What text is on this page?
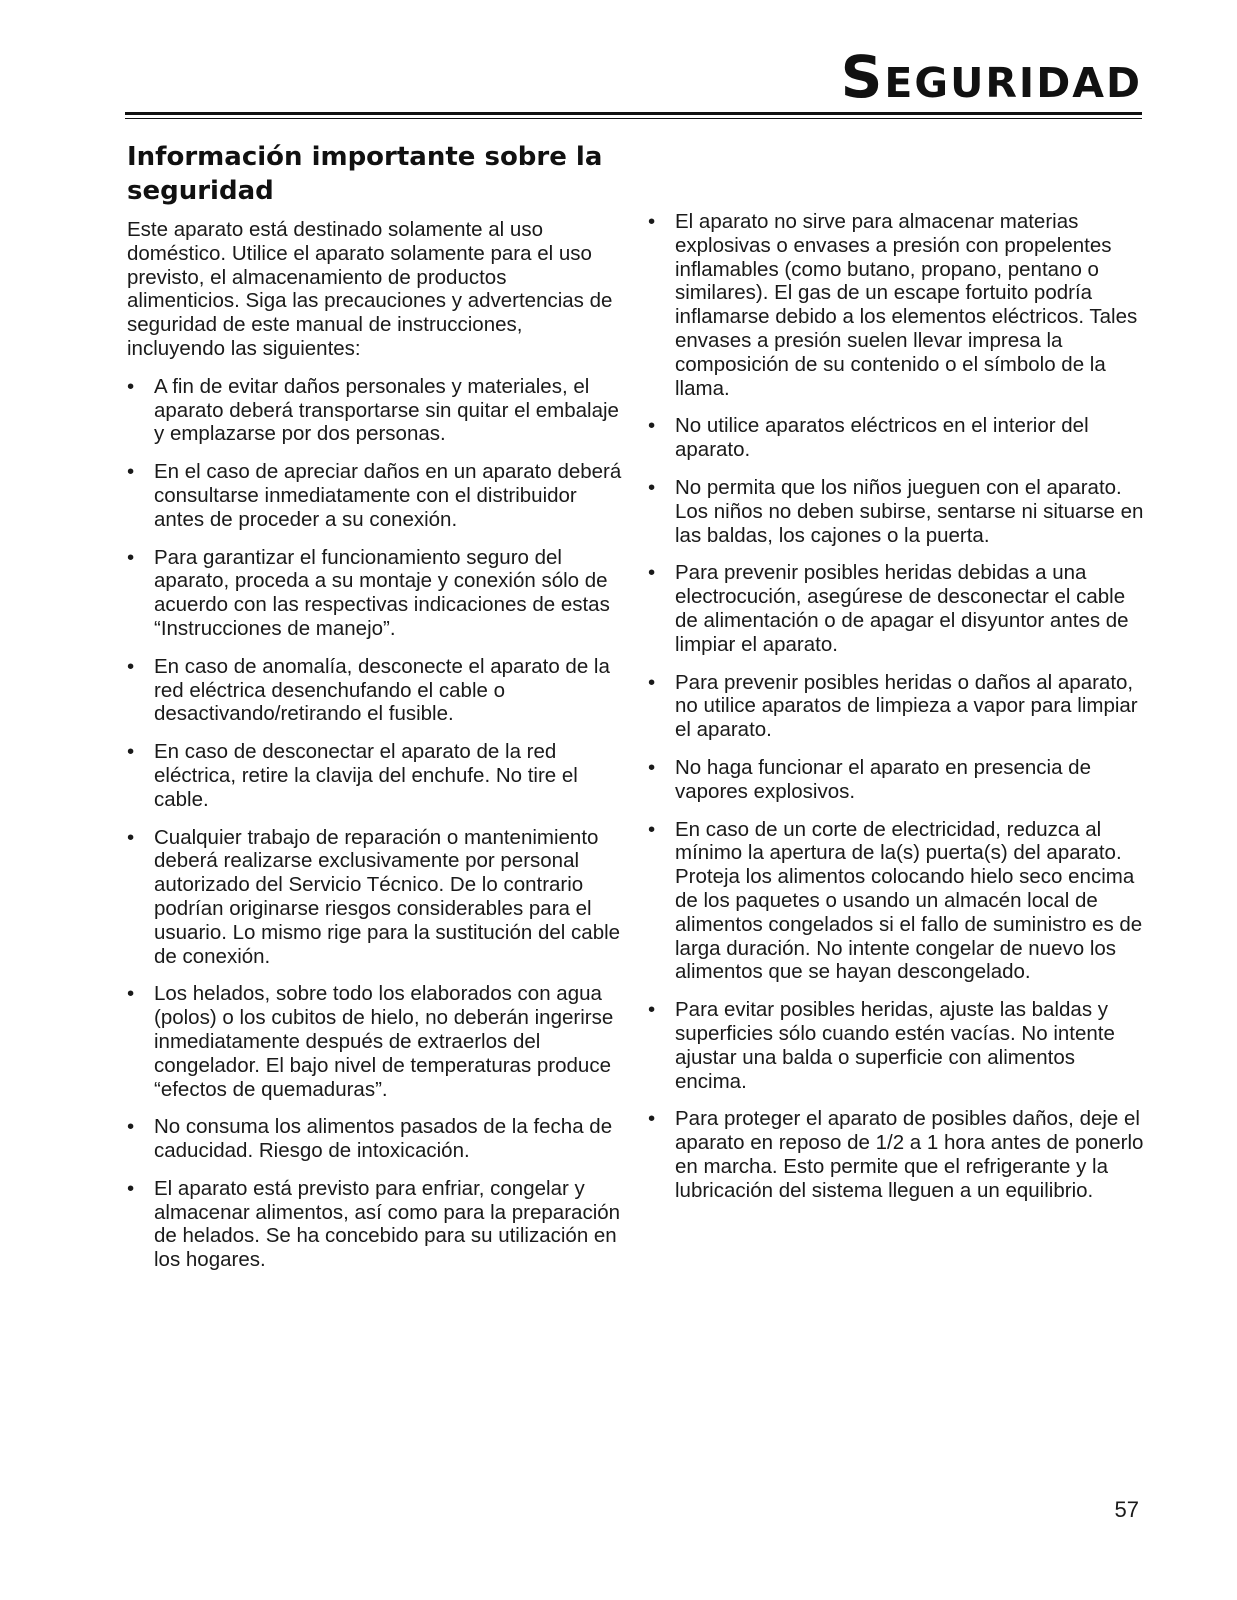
Seguridad
Información importante sobre la seguridad

Este aparato está destinado solamente al uso doméstico. Utilice el aparato solamente para el uso previsto, el almacenamiento de productos alimenticios. Siga las precauciones y advertencias de seguridad de este manual de instrucciones, incluyendo las siguientes:

• A fin de evitar daños personales y materiales, el aparato deberá transportarse sin quitar el embalaje y emplazarse por dos personas.
• En el caso de apreciar daños en un aparato deberá consultarse inmediatamente con el distribuidor antes de proceder a su conexión.
• Para garantizar el funcionamiento seguro del aparato, proceda a su montaje y conexión sólo de acuerdo con las respectivas indicaciones de estas “Instrucciones de manejo”.
• En caso de anomalía, desconecte el aparato de la red eléctrica desenchufando el cable o desactivando/retirando el fusible.
• En caso de desconectar el aparato de la red eléctrica, retire la clavija del enchufe. No tire el cable.
• Cualquier trabajo de reparación o mantenimiento deberá realizarse exclusivamente por personal autorizado del Servicio Técnico. De lo contrario podrían originarse riesgos considerables para el usuario. Lo mismo rige para la sustitución del cable de conexión.
• Los helados, sobre todo los elaborados con agua (polos) o los cubitos de hielo, no deberán ingerirse inmediatamente después de extraerlos del congelador. El bajo nivel de temperaturas produce “efectos de quemaduras”.
• No consuma los alimentos pasados de la fecha de caducidad. Riesgo de intoxicación.
• El aparato está previsto para enfriar, congelar y almacenar alimentos, así como para la preparación de helados. Se ha concebido para su utilización en los hogares.
• El aparato no sirve para almacenar materias explosivas o envases a presión con propelentes inflamables (como butano, propano, pentano o similares). El gas de un escape fortuito podría inflamarse debido a los elementos eléctricos. Tales envases a presión suelen llevar impresa la composición de su contenido o el símbolo de la llama.
• No utilice aparatos eléctricos en el interior del aparato.
• No permita que los niños jueguen con el aparato. Los niños no deben subirse, sentarse ni situarse en las baldas, los cajones o la puerta.
• Para prevenir posibles heridas debidas a una electrocución, asegúrese de desconectar el cable de alimentación o de apagar el disyuntor antes de limpiar el aparato.
• Para prevenir posibles heridas o daños al aparato, no utilice aparatos de limpieza a vapor para limpiar el aparato.
• No haga funcionar el aparato en presencia de vapores explosivos.
• En caso de un corte de electricidad, reduzca al mínimo la apertura de la(s) puerta(s) del aparato. Proteja los alimentos colocando hielo seco encima de los paquetes o usando un almacén local de alimentos congelados si el fallo de suministro es de larga duración. No intente congelar de nuevo los alimentos que se hayan descongelado.
• Para evitar posibles heridas, ajuste las baldas y superficies sólo cuando estén vacías. No intente ajustar una balda o superficie con alimentos encima.
• Para proteger el aparato de posibles daños, deje el aparato en reposo de 1/2 a 1 hora antes de ponerlo en marcha. Esto permite que el refrigerante y la lubricación del sistema lleguen a un equilibrio.
57
